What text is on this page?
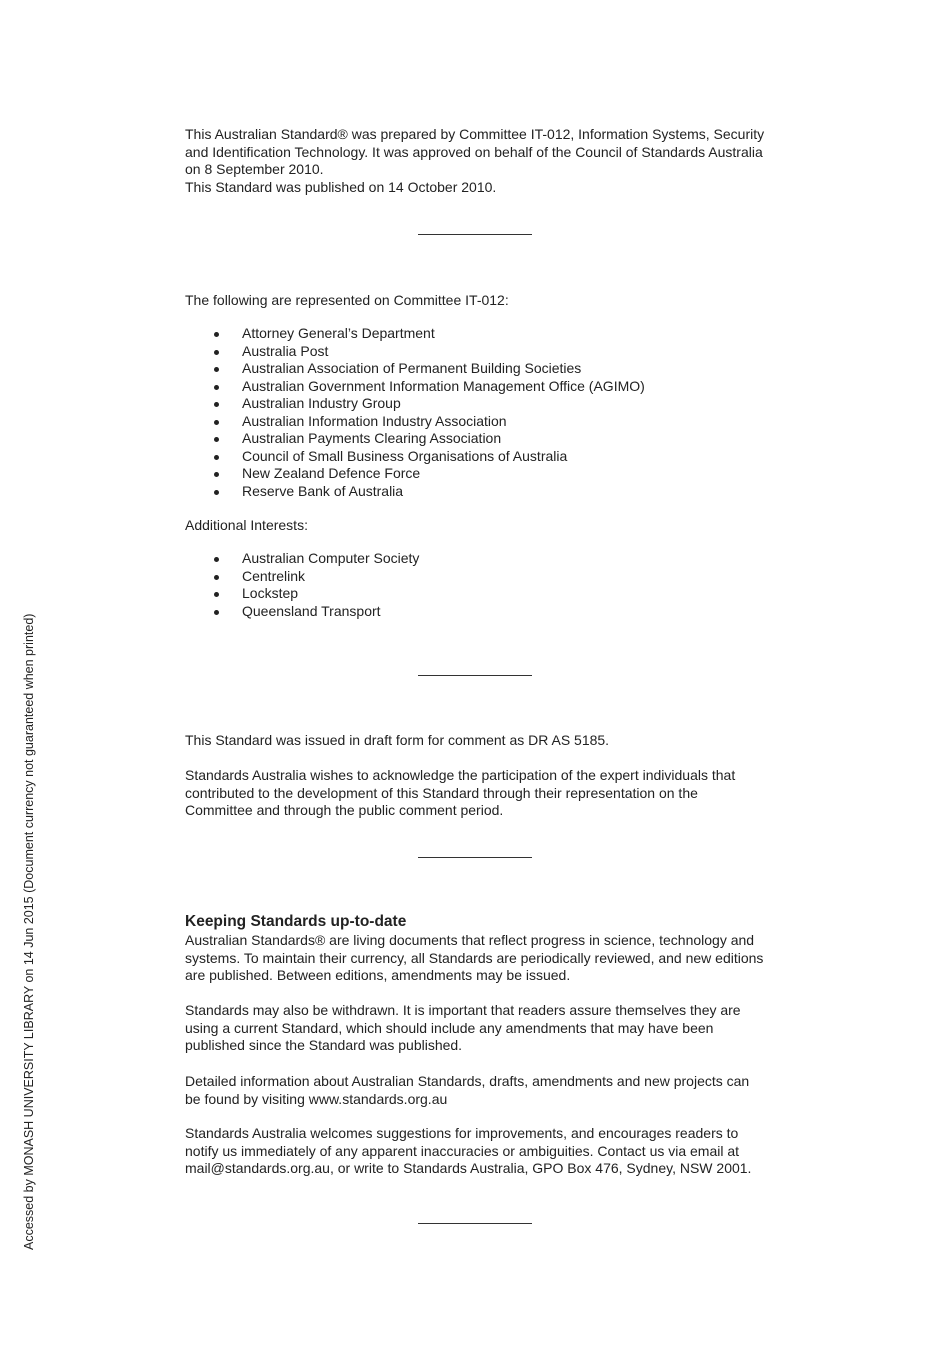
This Australian Standard® was prepared by Committee IT-012, Information Systems, Security
and Identification Technology. It was approved on behalf of the Council of Standards Australia
on 8 September 2010.

This Standard was published on 14 October 2010.

The following are represented on Committee IT-012:

Attorney General’s Department
Australia Post
Australian Association of Permanent Building Societies
Australian Government Information Management Office (AGIMO)
Australian Industry Group
Australian Information Industry Association
Australian Payments Clearing Association
Council of Small Business Organisations of Australia
New Zealand Defence Force
Reserve Bank of Australia

Additional Interests:

Australian Computer Society
Centrelink
Lockstep
Queensland Transport

This Standard was issued in draft form for comment as DR AS 5185.

Standards Australia wishes to acknowledge the participation of the expert individuals that
contributed to the development of this Standard through their representation on the
Committee and through the public comment period.

Keeping Standards up-to-date

Australian Standards® are living documents that reflect progress in science, technology and
systems. To maintain their currency, all Standards are periodically reviewed, and new editions
are published. Between editions, amendments may be issued.

Standards may also be withdrawn. It is important that readers assure themselves they are
using a current Standard, which should include any amendments that may have been
published since the Standard was published.

Detailed information about Australian Standards, drafts, amendments and new projects can
be found by visiting www.standards.org.au

Standards Australia welcomes suggestions for improvements, and encourages readers to
notify us immediately of any apparent inaccuracies or ambiguities. Contact us via email at
mail@standards.org.au, or write to Standards Australia, GPO Box 476, Sydney, NSW 2001.

Accessed by MONASH UNIVERSITY LIBRARY on 14 Jun 2015 (Document currency not guaranteed when printed)
